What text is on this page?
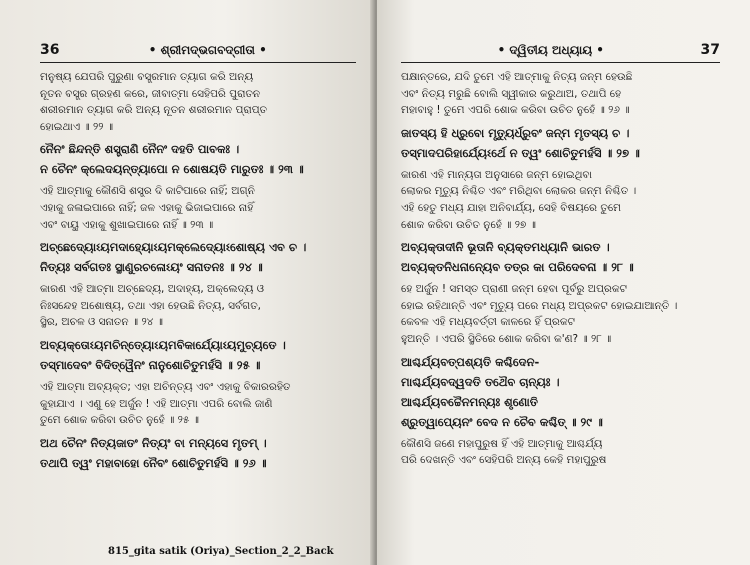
36	• ଶ୍ରୀମଦ୍‌ଭଗବଦ୍‌ଗୀତା •
ମନୁଷ୍ୟ ଯେପରି ପୁରୁଣା ବସ୍ତ୍ରମାନ ତ୍ୟାଗ କରି ଅନ୍ୟ
ନୂତନ ବସ୍ତ୍ର ଗ୍ରହଣ କରେ, ଜୀବାତ୍ମା ସେହିପରି ପୁରାତନ
ଶରୀରମାନ ତ୍ୟାଗ କରି ଅନ୍ୟ ନୂତନ ଶରୀରମାନ ପ୍ରାପ୍ତ
ହୋଇଥାଏ ॥ ୨୨ ॥
ନୈନଂ ଛିନ୍ଦନ୍ତି ଶସ୍ତ୍ରାଣି ନୈନଂ ଦହତି ପାବକଃ ।
ନ ଚୈନଂ କ୍ଲେଦୟନ୍ତ୍ୟାପୋ ନ ଶୋଷୟତି ମାରୁତଃ ॥ ୨୩ ॥
ଏହି ଆତ୍ମାକୁ କୌଣସି ଶସ୍ତ୍ର ଦି କାଟିପାରେ ନାହିଁ; ଅଗ୍ନି
ଏହାକୁ ଜଳାଇପାରେ ନାହିଁ; ଜଳ ଏହାକୁ ଭିଜାଇପାରେ ନାହିଁ
ଏବଂ ବାୟୁ ଏହାକୁ ଶୁଖାଇପାରେ ନାହିଁ ॥ ୨୩ ॥
ଅଚ୍ଛେଦ୍ୟୋଽୟମଦାହ୍ୟୋଽୟମକ୍ଲେଦ୍ୟୋଽଶୋଷ୍ୟ ଏବ ଚ ।
ନିତ୍ୟଃ ସର୍ବଗତଃ ସ୍ଥାଣୁରଚଳୋଽୟଂ ସନାତନଃ ॥ ୨୪ ॥
କାରଣ ଏହି ଆତ୍ମା ଅଚ୍ଛେଦ୍ୟ, ଅଦାହ୍ୟ, ଅକ୍ଲେଦ୍ୟ ଓ
ନିଃସନ୍ଦେହ ଅଶୋଷ୍ୟ, ତଥା ଏହା ହେଉଛି ନିତ୍ୟ, ସର୍ବଗତ,
ସ୍ଥିର, ଅଚଳ ଓ ସନାତନ ॥ ୨୪ ॥
ଅବ୍ୟକ୍ତୋଽୟମଚିନ୍ତ୍ୟୋଽୟମବିକାର୍ଯ୍ୟୋଽୟମୁଚ୍ୟତେ ।
ତସ୍ମାଦେବଂ ବିଦିତ୍ୱୈନଂ ନାନୁଶୋଚିତୁମର୍ହସି ॥ ୨୫ ॥
ଏହି ଆତ୍ମା ଅବ୍ୟକ୍ତ; ଏହା ଅଚିନ୍ତ୍ୟ ଏବଂ ଏହାକୁ ବିକାରରହିତ
କୁହାଯାଏ । ଏଣୁ ହେ ଅର୍ଜୁନ ! ଏହି ଆତ୍ମା ଏପରି ବୋଲି ଜାଣି
ତୁମେ ଶୋକ କରିବା ଉଚିତ ନୁହେଁ ॥ ୨୫ ॥
ଅଥ ଚୈନଂ ନିତ୍ୟଜାତଂ ନିତ୍ୟଂ ବା ମନ୍ୟସେ ମୃତମ୍ ।
ତଥାପି ତ୍ୱଂ ମହାବାହୋ ନୈବଂ ଶୋଚିତୁମର୍ହସି ॥ ୨୬ ॥
• ଦ୍ୱିତୀୟ ଅଧ୍ୟାୟ •	37
ପକ୍ଷାନ୍ତରେ, ଯଦି ତୁମେ ଏହି ଆତ୍ମାକୁ ନିତ୍ୟ ଜନ୍ମ ହେଉଛି
ଏବଂ ନିତ୍ୟ ମରୁଛି ବୋଲି ସ୍ୱୀକାର କରୁଥାଅ, ତଥାପି ହେ
ମହାବାହୁ ! ତୁମେ ଏପରି ଶୋକ କରିବା ଉଚିତ ନୁହେଁ ॥ ୨୬ ॥
ଜାତସ୍ୟ ହି ଧ୍ରୁବୋ ମୃତ୍ୟୁର୍ଧ୍ରୁବଂ ଜନ୍ମ ମୃତସ୍ୟ ଚ ।
ତସ୍ମାଦପରିହାର୍ଯ୍ୟେଽର୍ଥେ ନ ତ୍ୱଂ ଶୋଚିତୁମର୍ହସି ॥ ୨୭ ॥
କାରଣ ଏହି ମାନ୍ୟତା ଅନୁସାରେ ଜନ୍ମ ହୋଇଥିବା
ଲୋକର ମୃତ୍ୟୁ ନିଶ୍ଚିତ ଏବଂ ମରିଥିବା ଲୋକର ଜନ୍ମ ନିଶ୍ଚିତ ।
ଏହି ହେତୁ ମଧ୍ୟ ଯାହା ଅନିବାର୍ଯ୍ୟ, ସେହି ବିଷୟରେ ତୁମେ
ଶୋକ କରିବା ଉଚିତ ନୁହେଁ ॥ ୨୭ ॥
ଅବ୍ୟକ୍ତାଦୀନି ଭୂତାନି ବ୍ୟକ୍ତମଧ୍ୟାନି ଭାରତ ।
ଅବ୍ୟକ୍ତନିଧନାନ୍ୟେବ ତତ୍ର କା ପରିଦେବନା ॥ ୨୮ ॥
ହେ ଅର୍ଜୁନ ! ସମସ୍ତ ପ୍ରାଣୀ ଜନ୍ମ ହେବା ପୂର୍ବରୁ ଅପ୍ରକଟ
ହୋଇ ରହିଥାନ୍ତି ଏବଂ ମୃତ୍ୟୁ ପରେ ମଧ୍ୟ ଅପ୍ରକଟ ହୋଇଯାଆନ୍ତି ।
କେବଳ ଏହି ମଧ୍ୟବର୍ତ୍ତୀ କାଳରେ ହିଁ ପ୍ରକଟ
ହୁଅନ୍ତି । ଏପରି ସ୍ଥିତିରେ ଶୋକ କରିବା କ'ଣ? ॥ ୨୮ ॥
ଆଶ୍ଚର୍ଯ୍ୟବତ୍ପଶ୍ୟତି କଶ୍ଚିଦେନ-
ମାଶ୍ଚର୍ଯ୍ୟବଦ୍ୱଦତି ତଥୈବ ଚାନ୍ୟଃ ।
ଆଶ୍ଚର୍ଯ୍ୟବଚ୍ଚୈନମନ୍ୟଃ ଶୃଣୋତି
ଶ୍ରୁତ୍ୱାପ୍ୟେନଂ ବେଦ ନ ଚୈବ କଶ୍ଚିତ୍ ॥ ୨୯ ॥
କୌଣସି ଜଣେ ମହାପୁରୁଷ ହିଁ ଏହି ଆତ୍ମାକୁ ଆଶ୍ଚର୍ଯ୍ୟ
ପରି ଦେଖନ୍ତି ଏବଂ ସେହିପରି ଅନ୍ୟ କେହି ମହାପୁରୁଷ
815_gita satik (Oriya)_Section_2_2_Back
